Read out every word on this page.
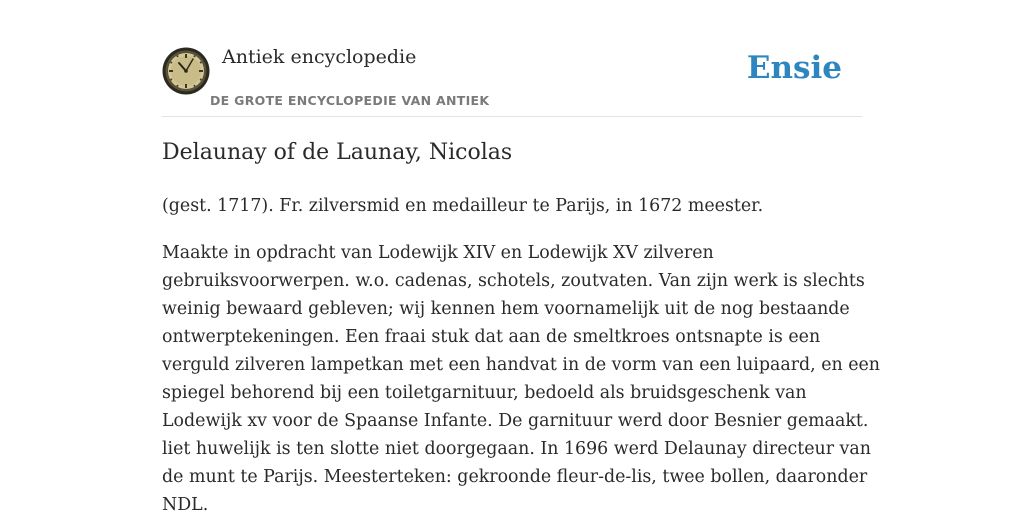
Antiek encyclopedie
DE GROTE ENCYCLOPEDIE VAN ANTIEK
Ensie
Delaunay of de Launay, Nicolas

(gest. 1717). Fr. zilversmid en medailleur te Parijs, in 1672 meester.

Maakte in opdracht van Lodewijk XIV en Lodewijk XV zilveren
gebruiksvoorwerpen. w.o. cadenas, schotels, zoutvaten. Van zijn werk is slechts
weinig bewaard gebleven; wij kennen hem voornamelijk uit de nog bestaande
ontwerptekeningen. Een fraai stuk dat aan de smeltkroes ontsnapte is een
verguld zilveren lampetkan met een handvat in de vorm van een luipaard, en een
spiegel behorend bij een toiletgarnituur, bedoeld als bruidsgeschenk van
Lodewijk xv voor de Spaanse Infante. De garnituur werd door Besnier gemaakt.
liet huwelijk is ten slotte niet doorgegaan. In 1696 werd Delaunay directeur van
de munt te Parijs. Meesterteken: gekroonde fleur-de-lis, twee bollen, daaronder
NDL.
